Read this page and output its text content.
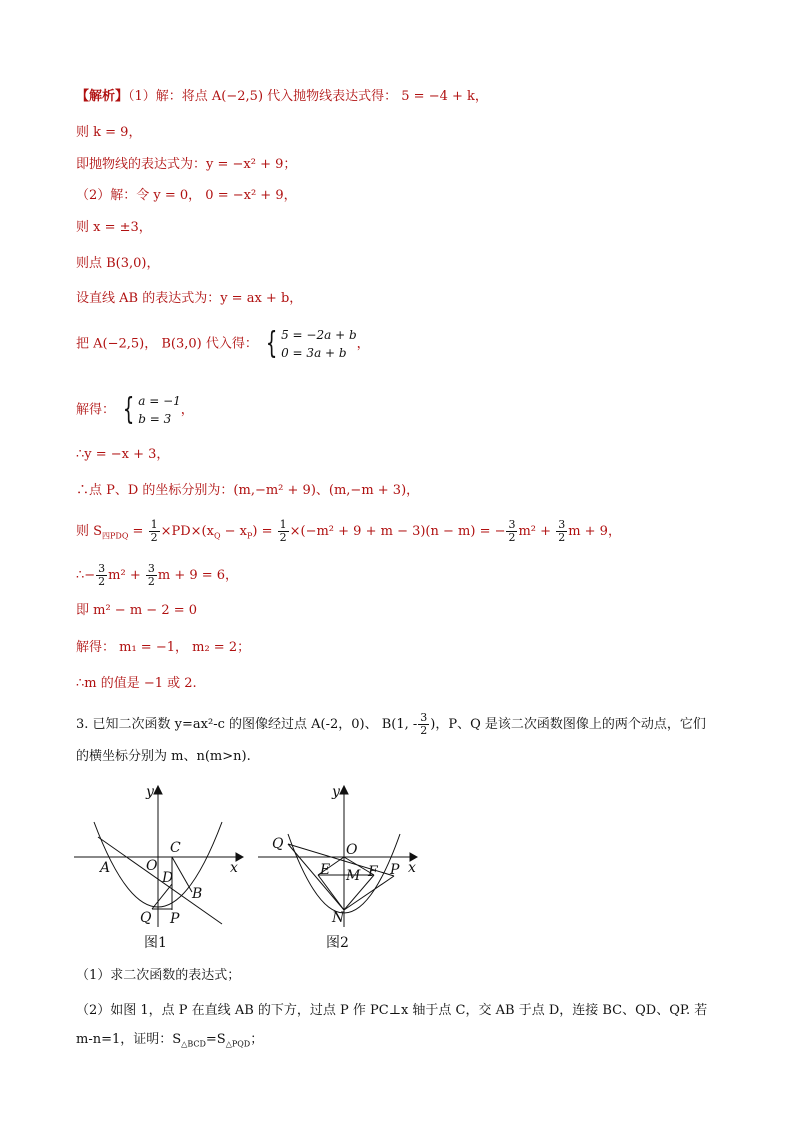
【解析】（1）解：将点 A(−2,5) 代入抛物线表达式得： 5 = −4 + k，
则 k = 9，
即抛物线的表达式为：y = −x² + 9；
（2）解：令 y = 0， 0 = −x² + 9，
则 x = ±3，
则点 B(3,0)，
设直线 AB 的表达式为：y = ax + b，
把 A(−2,5)， B(3,0) 代入得： { 5 = −2a + b
0 = 3a + b
，
解得： { a = −1
b = 3
，
∴y = −x + 3，
∴点 P、D 的坐标分别为：(m,−m² + 9)、(m,−m + 3)，
则 $S_{四PDQ} = \frac{1}{2} \times PD\times(x_Q - x_P) = \frac{1}{2} \times(-m^2 + 9 + m - 3)(n - m)$ = − $\frac{3}{2} m^2 + \frac{3}{2}$ m + 9，
∴− $\frac{3}{2} m^2 + \frac{3}{2}$ m + 9 = 6，
即 m² − m − 2 = 0
解得： m₁ = −1， m₂ = 2；
∴m 的值是 −1 或 2.
3. 已知二次函数 y=ax²-c 的图像经过点 A(-2，0)、 B(1, - $\frac{3}{2}$ )，P、Q 是该二次函数图像上的两个动点，它们
的横坐标分别为 m、n(m>n).
y
x
C
O
A
D
B
Q P
图1
y
x
Q	O
E M F P
N
图2
（1）求二次函数的表达式；
（2）如图 1，点 P 在直线 AB 的下方，过点 P 作 PC⊥x 轴于点 C，交 AB 于点 D，连接 BC、QD、QP. 若
m-n=1，证明：$S_{\triangle BCD}=S_{\triangle PQD}$；
